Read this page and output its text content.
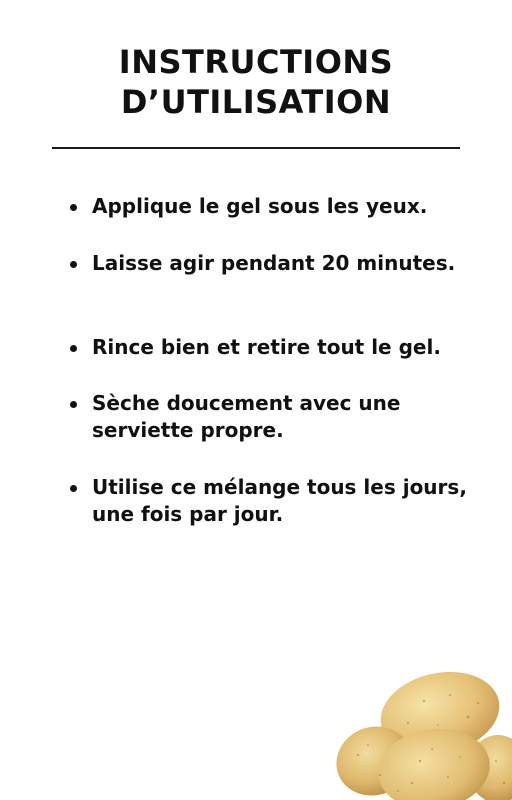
INSTRUCTIONS
D’UTILISATION
Applique le gel sous les yeux.
Laisse agir pendant 20 minutes.
Rince bien et retire tout le gel.
Sèche doucement avec une serviette propre.
Utilise ce mélange tous les jours, une fois par jour.
